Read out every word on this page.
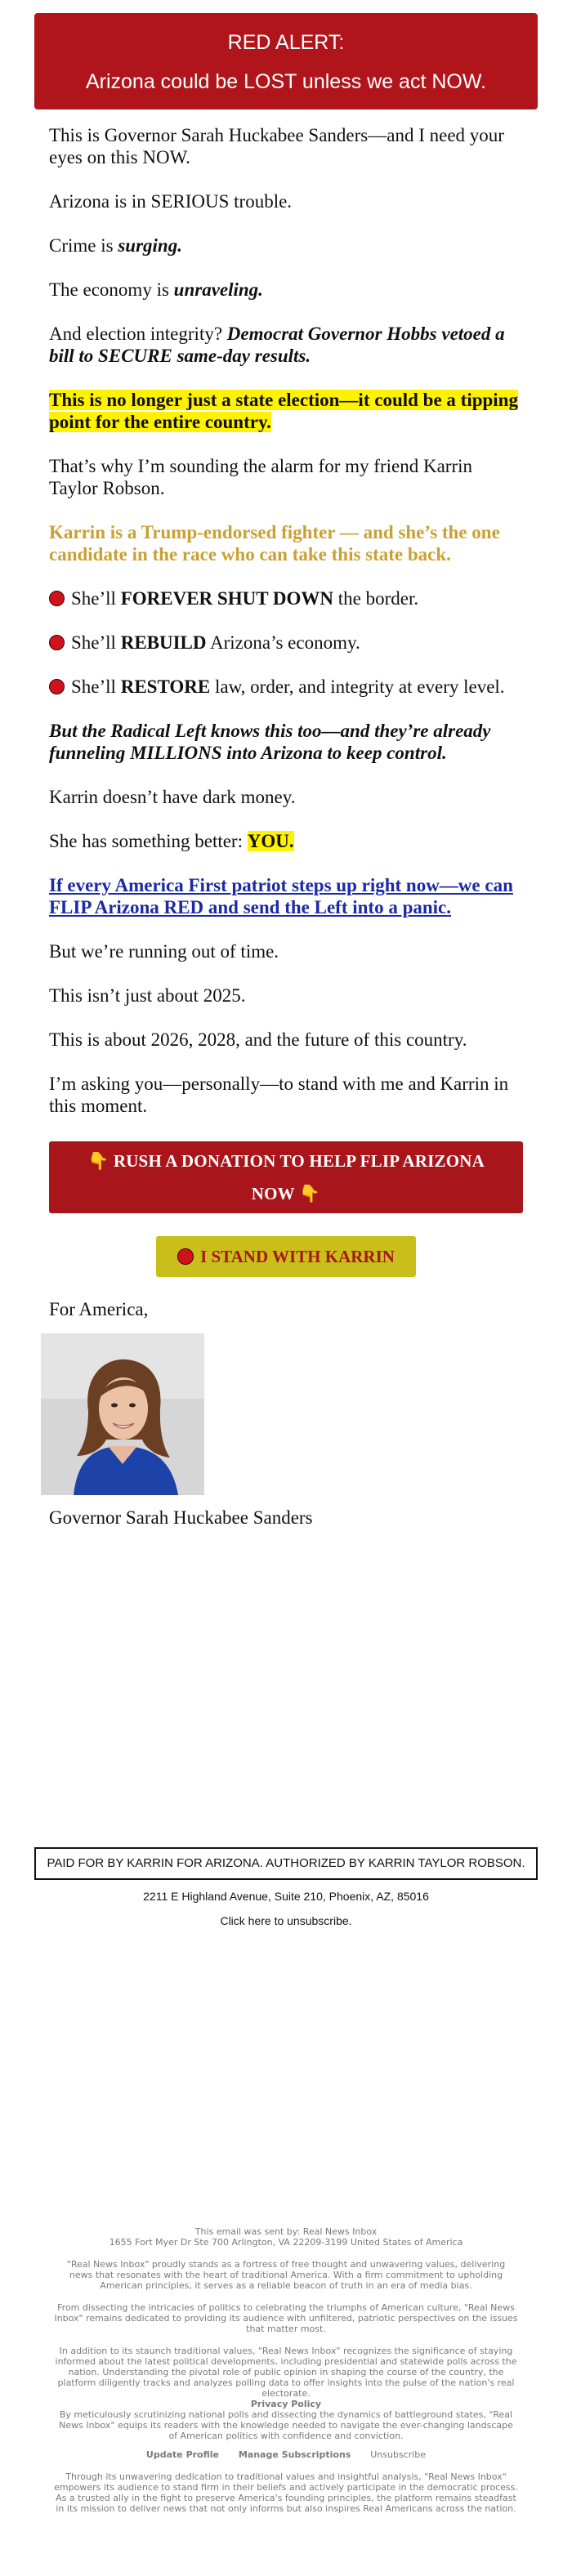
RED ALERT:
Arizona could be LOST unless we act NOW.

This is Governor Sarah Huckabee Sanders—and I need your eyes on this NOW.

Arizona is in SERIOUS trouble.

Crime is surging.

The economy is unraveling.

And election integrity? Democrat Governor Hobbs vetoed a bill to SECURE same-day results.

This is no longer just a state election—it could be a tipping point for the entire country.

That’s why I’m sounding the alarm for my friend Karrin Taylor Robson.

Karrin is a Trump-endorsed fighter — and she’s the one candidate in the race who can take this state back.

She’ll FOREVER SHUT DOWN the border.

She’ll REBUILD Arizona’s economy.

She’ll RESTORE law, order, and integrity at every level.

But the Radical Left knows this too—and they’re already funneling MILLIONS into Arizona to keep control.

Karrin doesn’t have dark money.

She has something better: YOU.

If every America First patriot steps up right now—we can FLIP Arizona RED and send the Left into a panic.

But we’re running out of time.

This isn’t just about 2025.

This is about 2026, 2028, and the future of this country.

I’m asking you—personally—to stand with me and Karrin in this moment.

👇 RUSH A DONATION TO HELP FLIP ARIZONA NOW 👇
I STAND WITH KARRIN

For America,

Governor Sarah Huckabee Sanders

PAID FOR BY KARRIN FOR ARIZONA. AUTHORIZED BY KARRIN TAYLOR ROBSON.
2211 E Highland Avenue, Suite 210, Phoenix, AZ, 85016
Click here to unsubscribe.
This email was sent by: Real News Inbox
1655 Fort Myer Dr Ste 700 Arlington, VA 22209-3199 United States of America
"Real News Inbox" proudly stands as a fortress of free thought and unwavering values, delivering news that resonates with the heart of traditional America. With a firm commitment to upholding American principles, it serves as a reliable beacon of truth in an era of media bias.
From dissecting the intricacies of politics to celebrating the triumphs of American culture, "Real News Inbox" remains dedicated to providing its audience with unfiltered, patriotic perspectives on the issues that matter most.
In addition to its staunch traditional values, "Real News Inbox" recognizes the significance of staying informed about the latest political developments, including presidential and statewide polls across the nation. Understanding the pivotal role of public opinion in shaping the course of the country, the platform diligently tracks and analyzes polling data to offer insights into the pulse of the nation's real electorate.
Privacy Policy
By meticulously scrutinizing national polls and dissecting the dynamics of battleground states, "Real News Inbox" equips its readers with the knowledge needed to navigate the ever-changing landscape of American politics with confidence and conviction.
Update Profile Manage Subscriptions Unsubscribe
Through its unwavering dedication to traditional values and insightful analysis, "Real News Inbox" empowers its audience to stand firm in their beliefs and actively participate in the democratic process. As a trusted ally in the fight to preserve America's founding principles, the platform remains steadfast in its mission to deliver news that not only informs but also inspires Real Americans across the nation.
